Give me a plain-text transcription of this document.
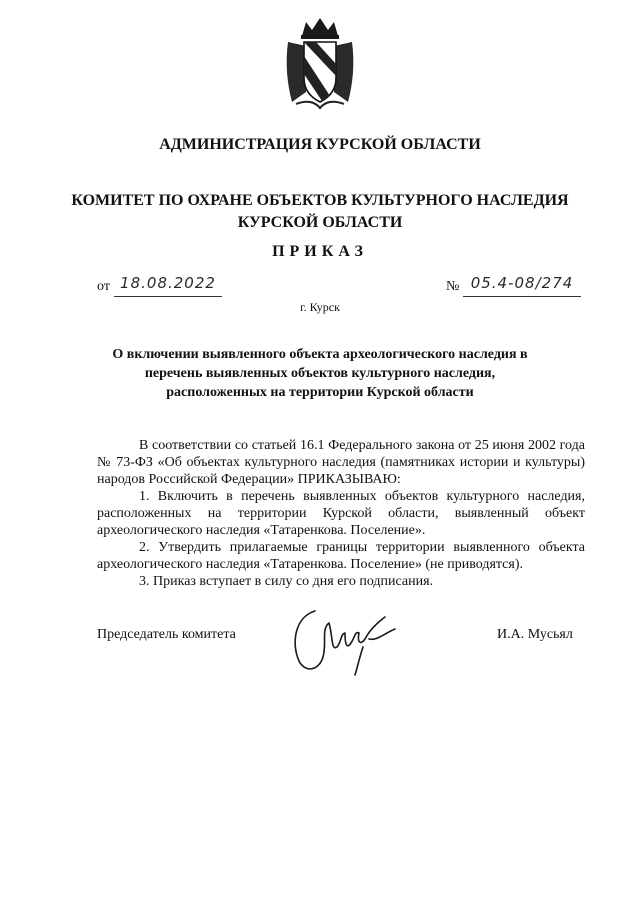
АДМИНИСТРАЦИЯ КУРСКОЙ ОБЛАСТИ
КОМИТЕТ ПО ОХРАНЕ ОБЪЕКТОВ КУЛЬТУРНОГО НАСЛЕДИЯ
КУРСКОЙ ОБЛАСТИ
ПРИКАЗ
от 18.08.2022	№ 05.4-08/274
г. Курск
О включении выявленного объекта археологического наследия в
перечень выявленных объектов культурного наследия,
расположенных на территории Курской области

В соответствии со статьей 16.1 Федерального закона от 25 июня 2002 года № 73-ФЗ «Об объектах культурного наследия (памятниках истории и культуры) народов Российской Федерации» ПРИКАЗЫВАЮ:

1. Включить в перечень выявленных объектов культурного наследия, расположенных на территории Курской области, выявленный объект археологического наследия «Татаренкова. Поселение».

2. Утвердить прилагаемые границы территории выявленного объекта археологического наследия «Татаренкова. Поселение» (не приводятся).

3. Приказ вступает в силу со дня его подписания.

Председатель комитета	И.А. Мусьял
